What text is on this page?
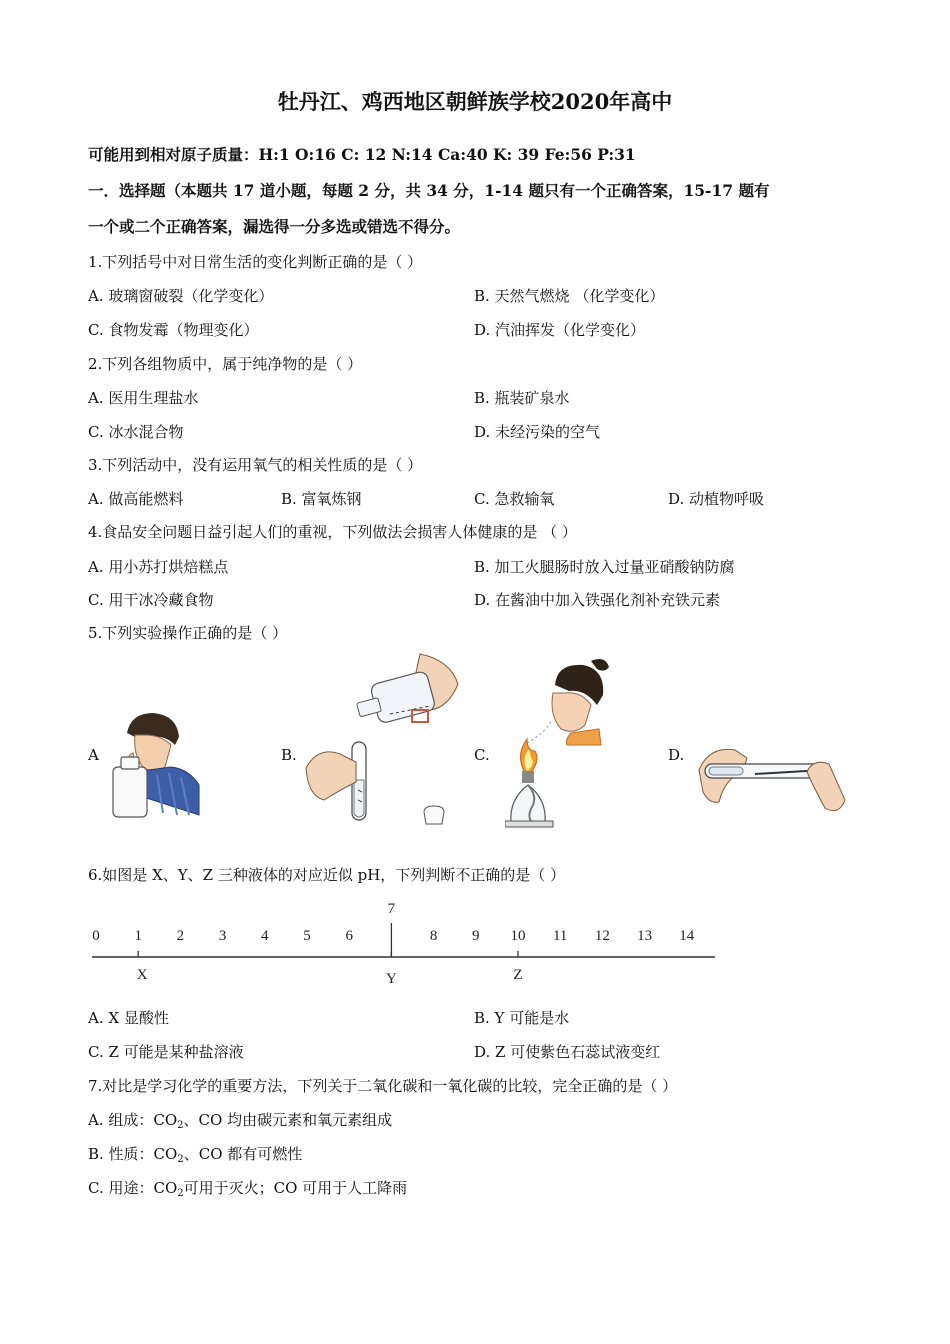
牡丹江、鸡西地区朝鲜族学校2020年高中
可能用到相对原子质量：H:1 O:16 C: 12 N:14 Ca:40 K: 39 Fe:56 P:31
一．选择题（本题共 17 道小题，每题 2 分，共 34 分，1-14 题只有一个正确答案，15-17 题有
一个或二个正确答案，漏选得一分多选或错选不得分。
1.下列括号中对日常生活的变化判断正确的是（ ）
A. 玻璃窗破裂（化学变化）	B. 天然气燃烧 （化学变化）
C. 食物发霉（物理变化）	D. 汽油挥发（化学变化）
2.下列各组物质中，属于纯净物的是（ ）
A. 医用生理盐水	B. 瓶装矿泉水
C. 冰水混合物	D. 未经污染的空气
3.下列活动中，没有运用氧气的相关性质的是（ ）
A. 做高能燃料	B. 富氧炼钢	C. 急救输氧	D. 动植物呼吸
4.食品安全问题日益引起人们的重视，下列做法会损害人体健康的是 （ ）
A. 用小苏打烘焙糕点	B. 加工火腿肠时放入过量亚硝酸钠防腐
C. 用干冰冷藏食物	D. 在酱油中加入铁强化剂补充铁元素
5.下列实验操作正确的是（ ）
A	B.	C.	D.
6.如图是 X、Y、Z 三种液体的对应近似 pH，下列判断不正确的是（ ）
0 1 2 3 4 5 6
7
8 9 10 11 12 13 14
X	Y	Z
A. X 显酸性	B. Y 可能是水
C. Z 可能是某种盐溶液	D. Z 可使紫色石蕊试液变红
7.对比是学习化学的重要方法，下列关于二氧化碳和一氧化碳的比较，完全正确的是（ ）
A. 组成：$CO_2$、CO 均由碳元素和氧元素组成
B. 性质：$CO_2$、CO 都有可燃性
C. 用途：$CO_2$可用于灭火；CO 可用于人工降雨
